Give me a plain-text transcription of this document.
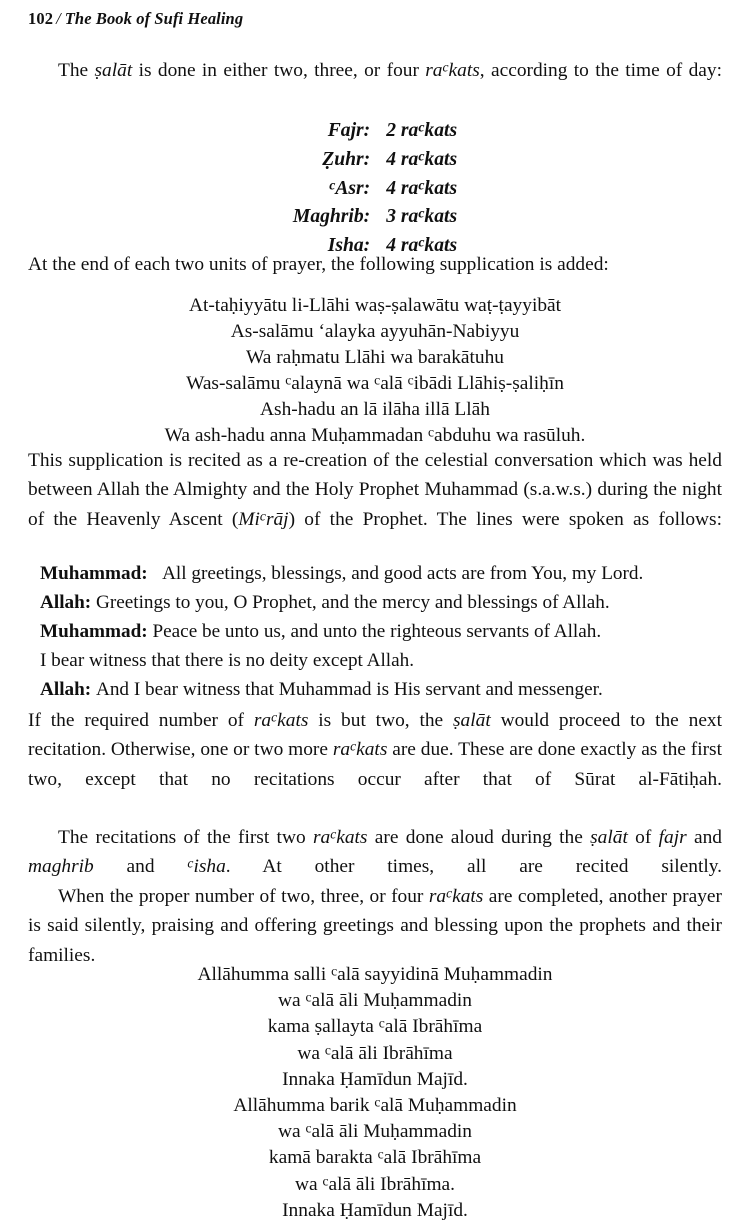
102 / The Book of Sufi Healing

The ṣalāt is done in either two, three, or four $ra^ckats$, according to the time of day:

Fajr:	2 $ra^ckats$
Ẓuhr:	4 $ra^ckats$
$^c$Asr:	4 $ra^ckats$
Maghrib:	3 $ra^ckats$
Isha:	4 $ra^ckats$

At the end of each two units of prayer, the following supplication is added:

At-taḥiyyātu li-Llāhi waṣ-ṣalawātu waṭ-ṭayyibāt
As-salāmu ‘alayka ayyuhān-Nabiyyu
Wa raḥmatu Llāhi wa barakātuhu
Was-salāmu $^c$alaynā wa $^c$alā $^c$ibādi Llāhiṣ-ṣaliḥīn
Ash-hadu an lā ilāha illā Llāh
Wa ash-hadu anna Muḥammadan $^c$abduhu wa rasūluh.

This supplication is recited as a re-creation of the celestial conversation which was held between Allah the Almighty and the Holy Prophet Muhammad (s.a.w.s.) during the night of the Heavenly Ascent (Mi$^c$rāj) of the Prophet. The lines were spoken as follows:

Muhammad: All greetings, blessings, and good acts are from You, my Lord.
Allah: Greetings to you, O Prophet, and the mercy and blessings of Allah.
Muhammad: Peace be unto us, and unto the righteous servants of Allah.
I bear witness that there is no deity except Allah.
Allah: And I bear witness that Muhammad is His servant and messenger.

If the required number of $ra^ckats$ is but two, the ṣalāt would proceed to the next recitation. Otherwise, one or two more $ra^ckats$ are due. These are done exactly as the first two, except that no recitations occur after that of Sūrat al-Fātiḥah.

The recitations of the first two $ra^ckats$ are done aloud during the ṣalāt of fajr and maghrib and $^c$isha. At other times, all are recited silently.

When the proper number of two, three, or four $ra^ckats$ are completed, another prayer is said silently, praising and offering greetings and blessing upon the prophets and their families.

Allāhumma salli $^c$alā sayyidinā Muḥammadin
wa $^c$alā āli Muḥammadin
kama ṣallayta $^c$alā Ibrāhīma
wa $^c$alā āli Ibrāhīma
Innaka Ḥamīdun Majīd.
Allāhumma barik $^c$alā Muḥammadin
wa $^c$alā āli Muḥammadin
kamā barakta $^c$alā Ibrāhīma
wa $^c$alā āli Ibrāhīma.
Innaka Ḥamīdun Majīd.
